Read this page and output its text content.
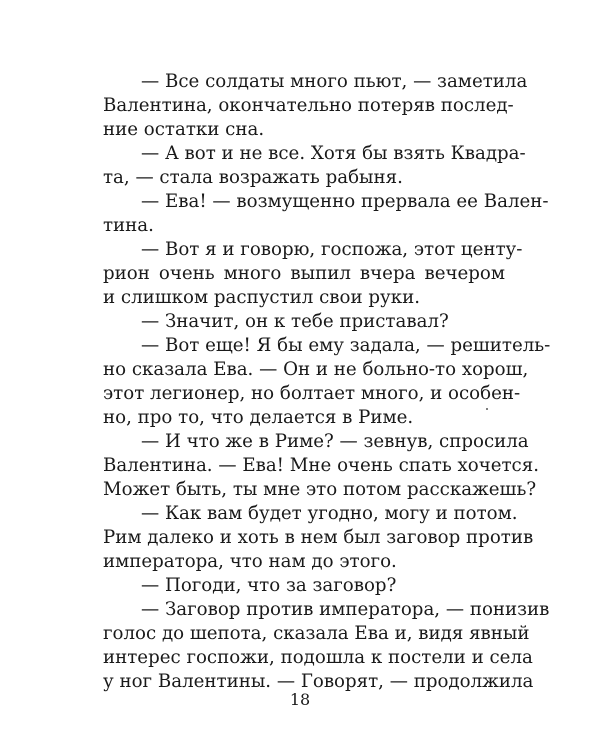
— Все солдаты много пьют, — заметила
Валентина, окончательно потеряв послед-
ние остатки сна.
— А вот и не все. Хотя бы взять Квадра-
та, — стала возражать рабыня.
— Ева! — возмущенно прервала ее Вален-
тина.
— Вот я и говорю, госпожа, этот центу-
рион очень много выпил вчера вечером
и слишком распустил свои руки.
— Значит, он к тебе приставал?
— Вот еще! Я бы ему задала, — решитель-
но сказала Ева. — Он и не больно-то хорош,
этот легионер, но болтает много, и особен-
но, про то, что делается в Риме.
— И что же в Риме? — зевнув, спросила
Валентина. — Ева! Мне очень спать хочется.
Может быть, ты мне это потом расскажешь?
— Как вам будет угодно, могу и потом.
Рим далеко и хоть в нем был заговор против
императора, что нам до этого.
— Погоди, что за заговор?
— Заговор против императора, — понизив
голос до шепота, сказала Ева и, видя явный
интерес госпожи, подошла к постели и села
у ног Валентины. — Говорят, — продолжила
18
